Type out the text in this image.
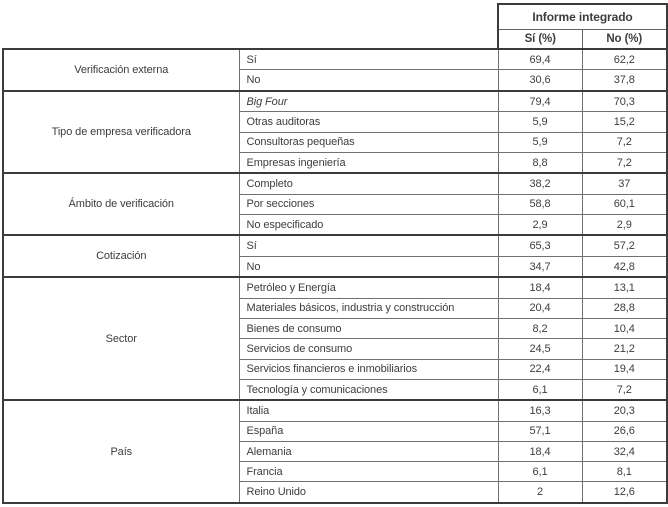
		Informe integrado	
		Sí (%)	No (%)
Verificación externa	Sí	69,4	62,2
	No	30,6	37,8
Tipo de empresa verificadora	Big Four	79,4	70,3
	Otras auditoras	5,9	15,2
	Consultoras pequeñas	5,9	7,2
	Empresas ingeniería	8,8	7,2
Ámbito de verificación	Completo	38,2	37
	Por secciones	58,8	60,1
	No especificado	2,9	2,9
Cotización	Sí	65,3	57,2
	No	34,7	42,8
Sector	Petróleo y Energía	18,4	13,1
	Materiales básicos, industria y construcción	20,4	28,8
	Bienes de consumo	8,2	10,4
	Servicios de consumo	24,5	21,2
	Servicios financieros e inmobiliarios	22,4	19,4
	Tecnología y comunicaciones	6,1	7,2
País	Italia	16,3	20,3
	España	57,1	26,6
	Alemania	18,4	32,4
	Francia	6,1	8,1
	Reino Unido	2	12,6
